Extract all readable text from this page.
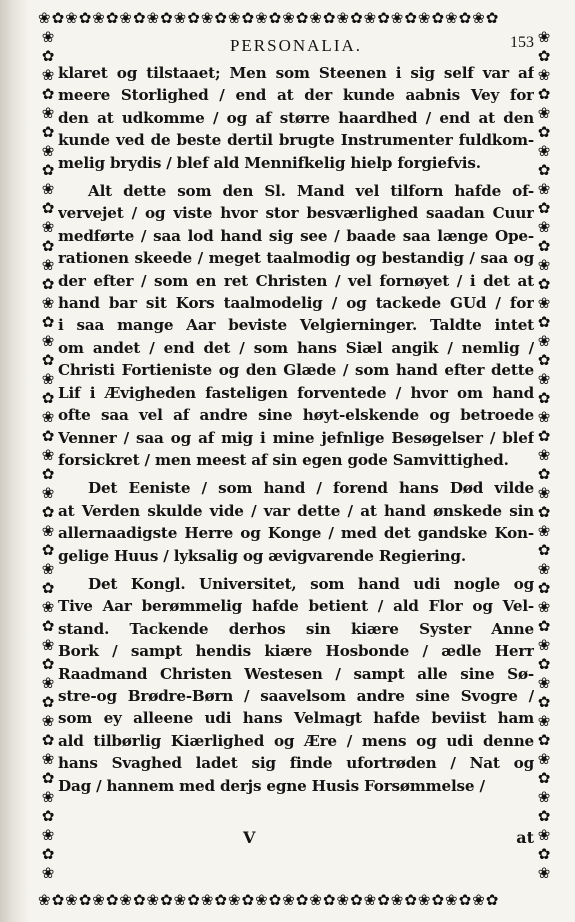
❀✿❀✿❀✿❀✿❀✿❀✿❀✿❀✿❀✿❀✿❀✿❀✿❀✿❀✿❀✿❀✿❀✿
❀✿❀✿❀✿❀✿❀✿❀✿❀✿❀✿❀✿❀✿❀✿❀✿❀✿❀✿❀✿❀✿❀✿
❀
✿
❀
✿
❀
✿
❀
✿
❀
✿
❀
✿
❀
✿
❀
✿
❀
✿
❀
✿
❀
✿
❀
✿
❀
✿
❀
✿
❀
✿
❀
✿
❀
✿
❀
✿
❀
✿
❀
✿
❀
✿
❀
✿
❀
❀
✿
❀
✿
❀
✿
❀
✿
❀
✿
❀
✿
❀
✿
❀
✿
❀
✿
❀
✿
❀
✿
❀
✿
❀
✿
❀
✿
❀
✿
❀
✿
❀
✿
❀
✿
❀
✿
❀
✿
❀
✿
❀
✿
❀
PERSONALIA.	153
klaret og tilstaaet; Men som Steenen i sig self var af
meere Storlighed / end at der kunde aabnis Vey for
den at udkomme / og af større haardhed / end at den
kunde ved de beste dertil brugte Instrumenter fuldkom-
melig brydis / blef ald Mennifkelig hielp forgiefvis.
Alt dette som den Sl. Mand vel tilforn hafde of-
vervejet / og viste hvor stor besværlighed saadan Cuur
medførte / saa lod hand sig see / baade saa længe Ope-
rationen skeede / meget taalmodig og bestandig / saa og
der efter / som en ret Christen / vel fornøyet / i det at
hand bar sit Kors taalmodelig / og tackede GUd / for
i saa mange Aar beviste Velgierninger. Taldte intet
om andet / end det / som hans Siæl angik / nemlig /
Christi Fortieniste og den Glæde / som hand efter dette
Lif i Ævigheden fasteligen forventede / hvor om hand
ofte saa vel af andre sine høyt-elskende og betroede
Venner / saa og af mig i mine jefnlige Besøgelser / blef
forsickret / men meest af sin egen gode Samvittighed.
Det Eeniste / som hand / forend hans Død vilde
at Verden skulde vide / var dette / at hand ønskede sin
allernaadigste Herre og Konge / med det gandske Kon-
gelige Huus / lyksalig og ævigvarende Regiering.
Det Kongl. Universitet, som hand udi nogle og
Tive Aar berømmelig hafde betient / ald Flor og Vel-
stand. Tackende derhos sin kiære Syster Anne
Bork / sampt hendis kiære Hosbonde / ædle Herr
Raadmand Christen Westesen / sampt alle sine Sø-
stre-og Brødre-Børn / saavelsom andre sine Svogre /
som ey alleene udi hans Velmagt hafde beviist ham
ald tilbørlig Kiærlighed og Ære / mens og udi denne
hans Svaghed ladet sig finde ufortrøden / Nat og
Dag / hannem med derjs egne Husis Forsømmelse /
V	at
